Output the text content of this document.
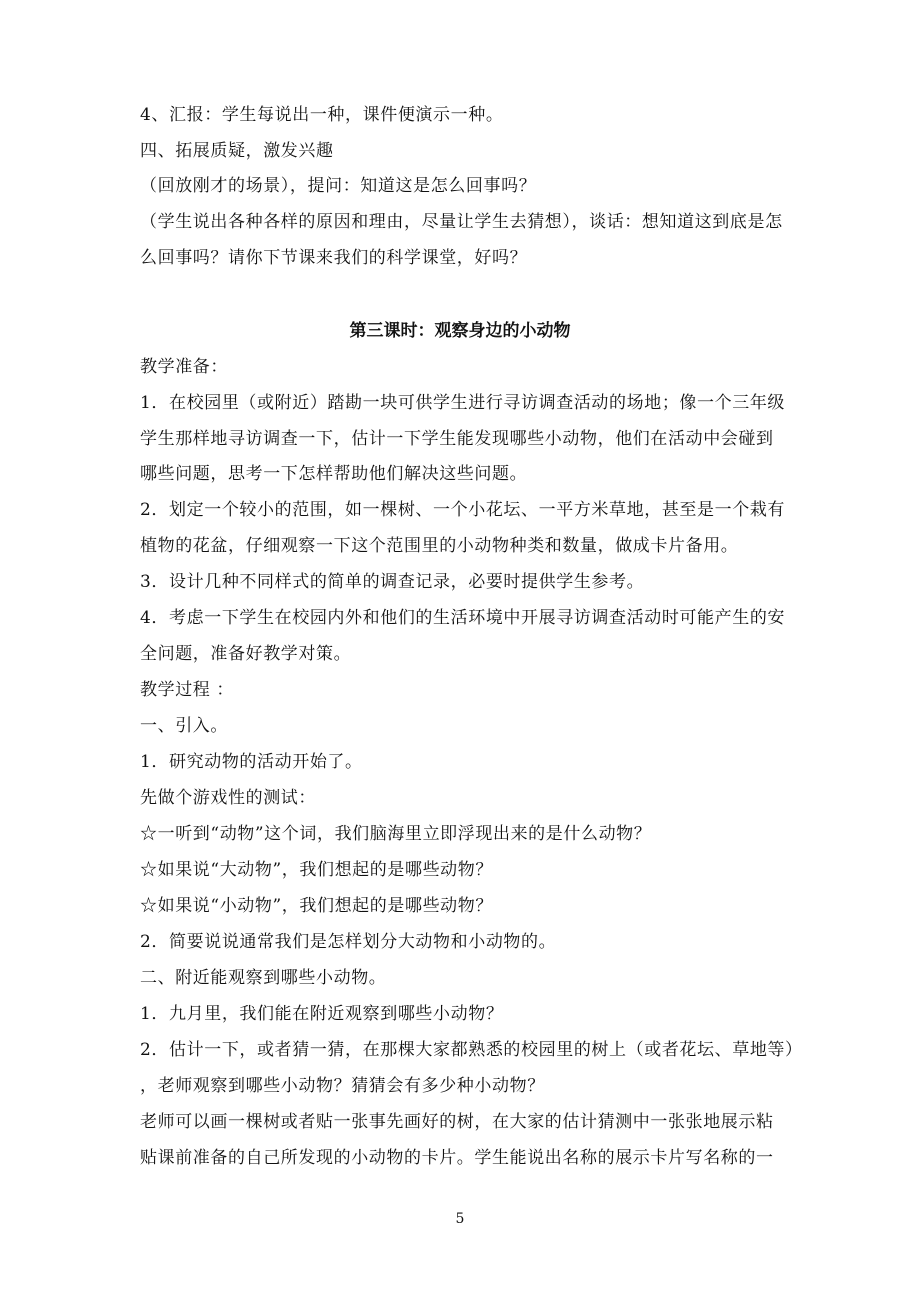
4、汇报：学生每说出一种，课件便演示一种。
四、拓展质疑，激发兴趣
（回放刚才的场景），提问：知道这是怎么回事吗？
（学生说出各种各样的原因和理由，尽量让学生去猜想），谈话：想知道这到底是怎
么回事吗？请你下节课来我们的科学课堂，好吗？
第三课时：观察身边的小动物
教学准备：
1．在校园里（或附近）踏勘一块可供学生进行寻访调查活动的场地；像一个三年级
学生那样地寻访调查一下，估计一下学生能发现哪些小动物，他们在活动中会碰到
哪些问题，思考一下怎样帮助他们解决这些问题。
2．划定一个较小的范围，如一棵树、一个小花坛、一平方米草地，甚至是一个栽有
植物的花盆，仔细观察一下这个范围里的小动物种类和数量，做成卡片备用。
3．设计几种不同样式的简单的调查记录，必要时提供学生参考。
4．考虑一下学生在校园内外和他们的生活环境中开展寻访调查活动时可能产生的安
全问题，准备好教学对策。
教学过程 ：
一、引入。
1．研究动物的活动开始了。
先做个游戏性的测试：
☆一听到“动物”这个词，我们脑海里立即浮现出来的是什么动物？
☆如果说“大动物”，我们想起的是哪些动物？
☆如果说“小动物”，我们想起的是哪些动物？
2．简要说说通常我们是怎样划分大动物和小动物的。
二、附近能观察到哪些小动物。
1．九月里，我们能在附近观察到哪些小动物？
2．估计一下，或者猜一猜，在那棵大家都熟悉的校园里的树上（或者花坛、草地等）
，老师观察到哪些小动物？猜猜会有多少种小动物？
老师可以画一棵树或者贴一张事先画好的树，在大家的估计猜测中一张张地展示粘
贴课前准备的自己所发现的小动物的卡片。学生能说出名称的展示卡片写名称的一
5
